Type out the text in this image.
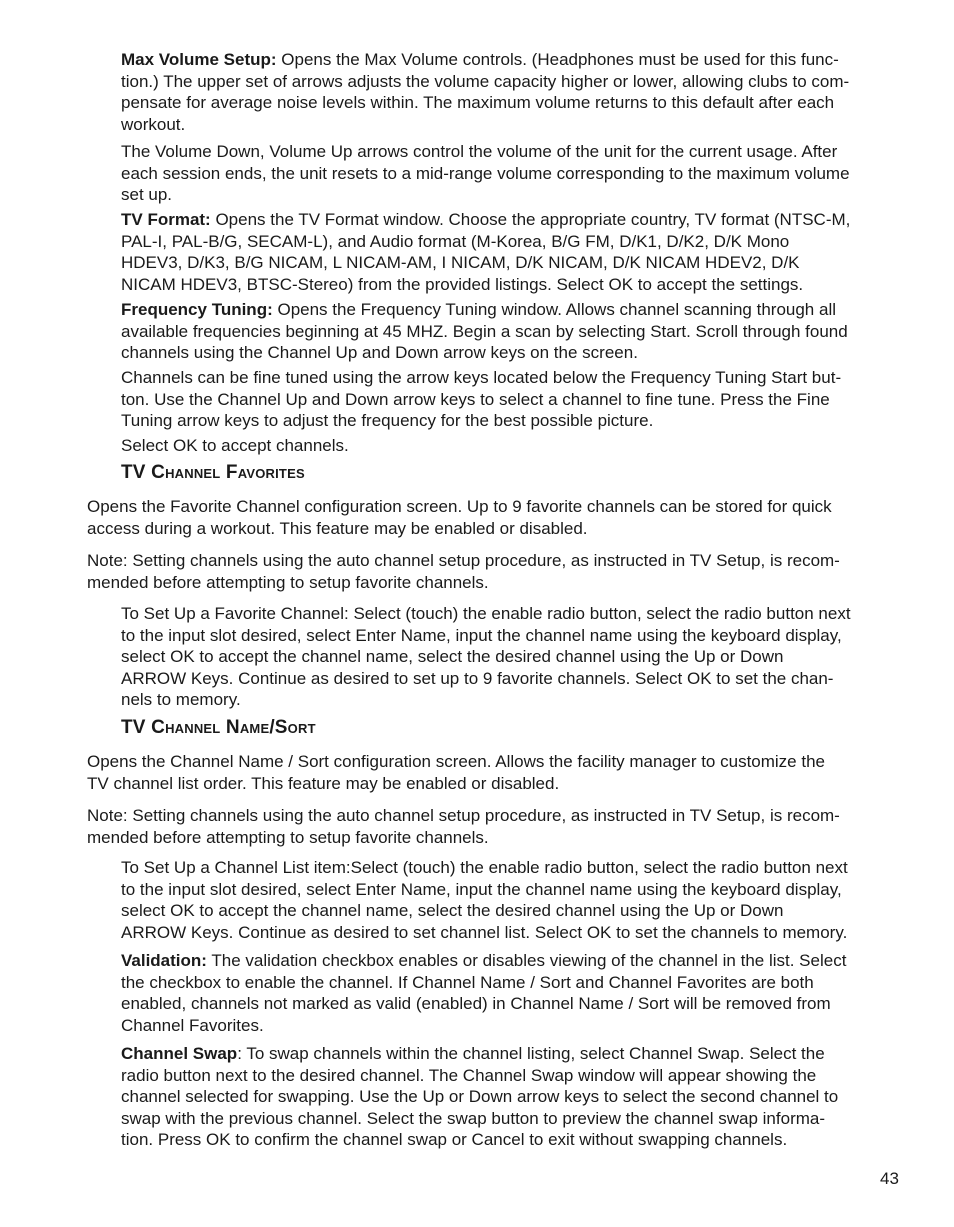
Max Volume Setup: Opens the Max Volume controls. (Headphones must be used for this func-
tion.) The upper set of arrows adjusts the volume capacity higher or lower, allowing clubs to com-
pensate for average noise levels within. The maximum volume returns to this default after each
workout.

The Volume Down, Volume Up arrows control the volume of the unit for the current usage. After
each session ends, the unit resets to a mid-range volume corresponding to the maximum volume
set up.

TV Format: Opens the TV Format window. Choose the appropriate country, TV format (NTSC-M,
PAL-I, PAL-B/G, SECAM-L), and Audio format (M-Korea, B/G FM, D/K1, D/K2, D/K Mono
HDEV3, D/K3, B/G NICAM, L NICAM-AM, I NICAM, D/K NICAM, D/K NICAM HDEV2, D/K
NICAM HDEV3, BTSC-Stereo) from the provided listings. Select OK to accept the settings.

Frequency Tuning: Opens the Frequency Tuning window. Allows channel scanning through all
available frequencies beginning at 45 MHZ. Begin a scan by selecting Start. Scroll through found
channels using the Channel Up and Down arrow keys on the screen.

Channels can be fine tuned using the arrow keys located below the Frequency Tuning Start but-
ton. Use the Channel Up and Down arrow keys to select a channel to fine tune. Press the Fine
Tuning arrow keys to adjust the frequency for the best possible picture.

Select OK to accept channels.

TV Channel Favorites

Opens the Favorite Channel configuration screen. Up to 9 favorite channels can be stored for quick
access during a workout. This feature may be enabled or disabled.

Note: Setting channels using the auto channel setup procedure, as instructed in TV Setup, is recom-
mended before attempting to setup favorite channels.

To Set Up a Favorite Channel: Select (touch) the enable radio button, select the radio button next
to the input slot desired, select Enter Name, input the channel name using the keyboard display,
select OK to accept the channel name, select the desired channel using the Up or Down
ARROW Keys. Continue as desired to set up to 9 favorite channels. Select OK to set the chan-
nels to memory.

TV Channel Name/Sort

Opens the Channel Name / Sort configuration screen. Allows the facility manager to customize the
TV channel list order. This feature may be enabled or disabled.

Note: Setting channels using the auto channel setup procedure, as instructed in TV Setup, is recom-
mended before attempting to setup favorite channels.

To Set Up a Channel List item:Select (touch) the enable radio button, select the radio button next
to the input slot desired, select Enter Name, input the channel name using the keyboard display,
select OK to accept the channel name, select the desired channel using the Up or Down
ARROW Keys. Continue as desired to set channel list. Select OK to set the channels to memory.

Validation: The validation checkbox enables or disables viewing of the channel in the list. Select
the checkbox to enable the channel. If Channel Name / Sort and Channel Favorites are both
enabled, channels not marked as valid (enabled) in Channel Name / Sort will be removed from
Channel Favorites.

Channel Swap: To swap channels within the channel listing, select Channel Swap. Select the
radio button next to the desired channel. The Channel Swap window will appear showing the
channel selected for swapping. Use the Up or Down arrow keys to select the second channel to
swap with the previous channel. Select the swap button to preview the channel swap informa-
tion. Press OK to confirm the channel swap or Cancel to exit without swapping channels.

43
